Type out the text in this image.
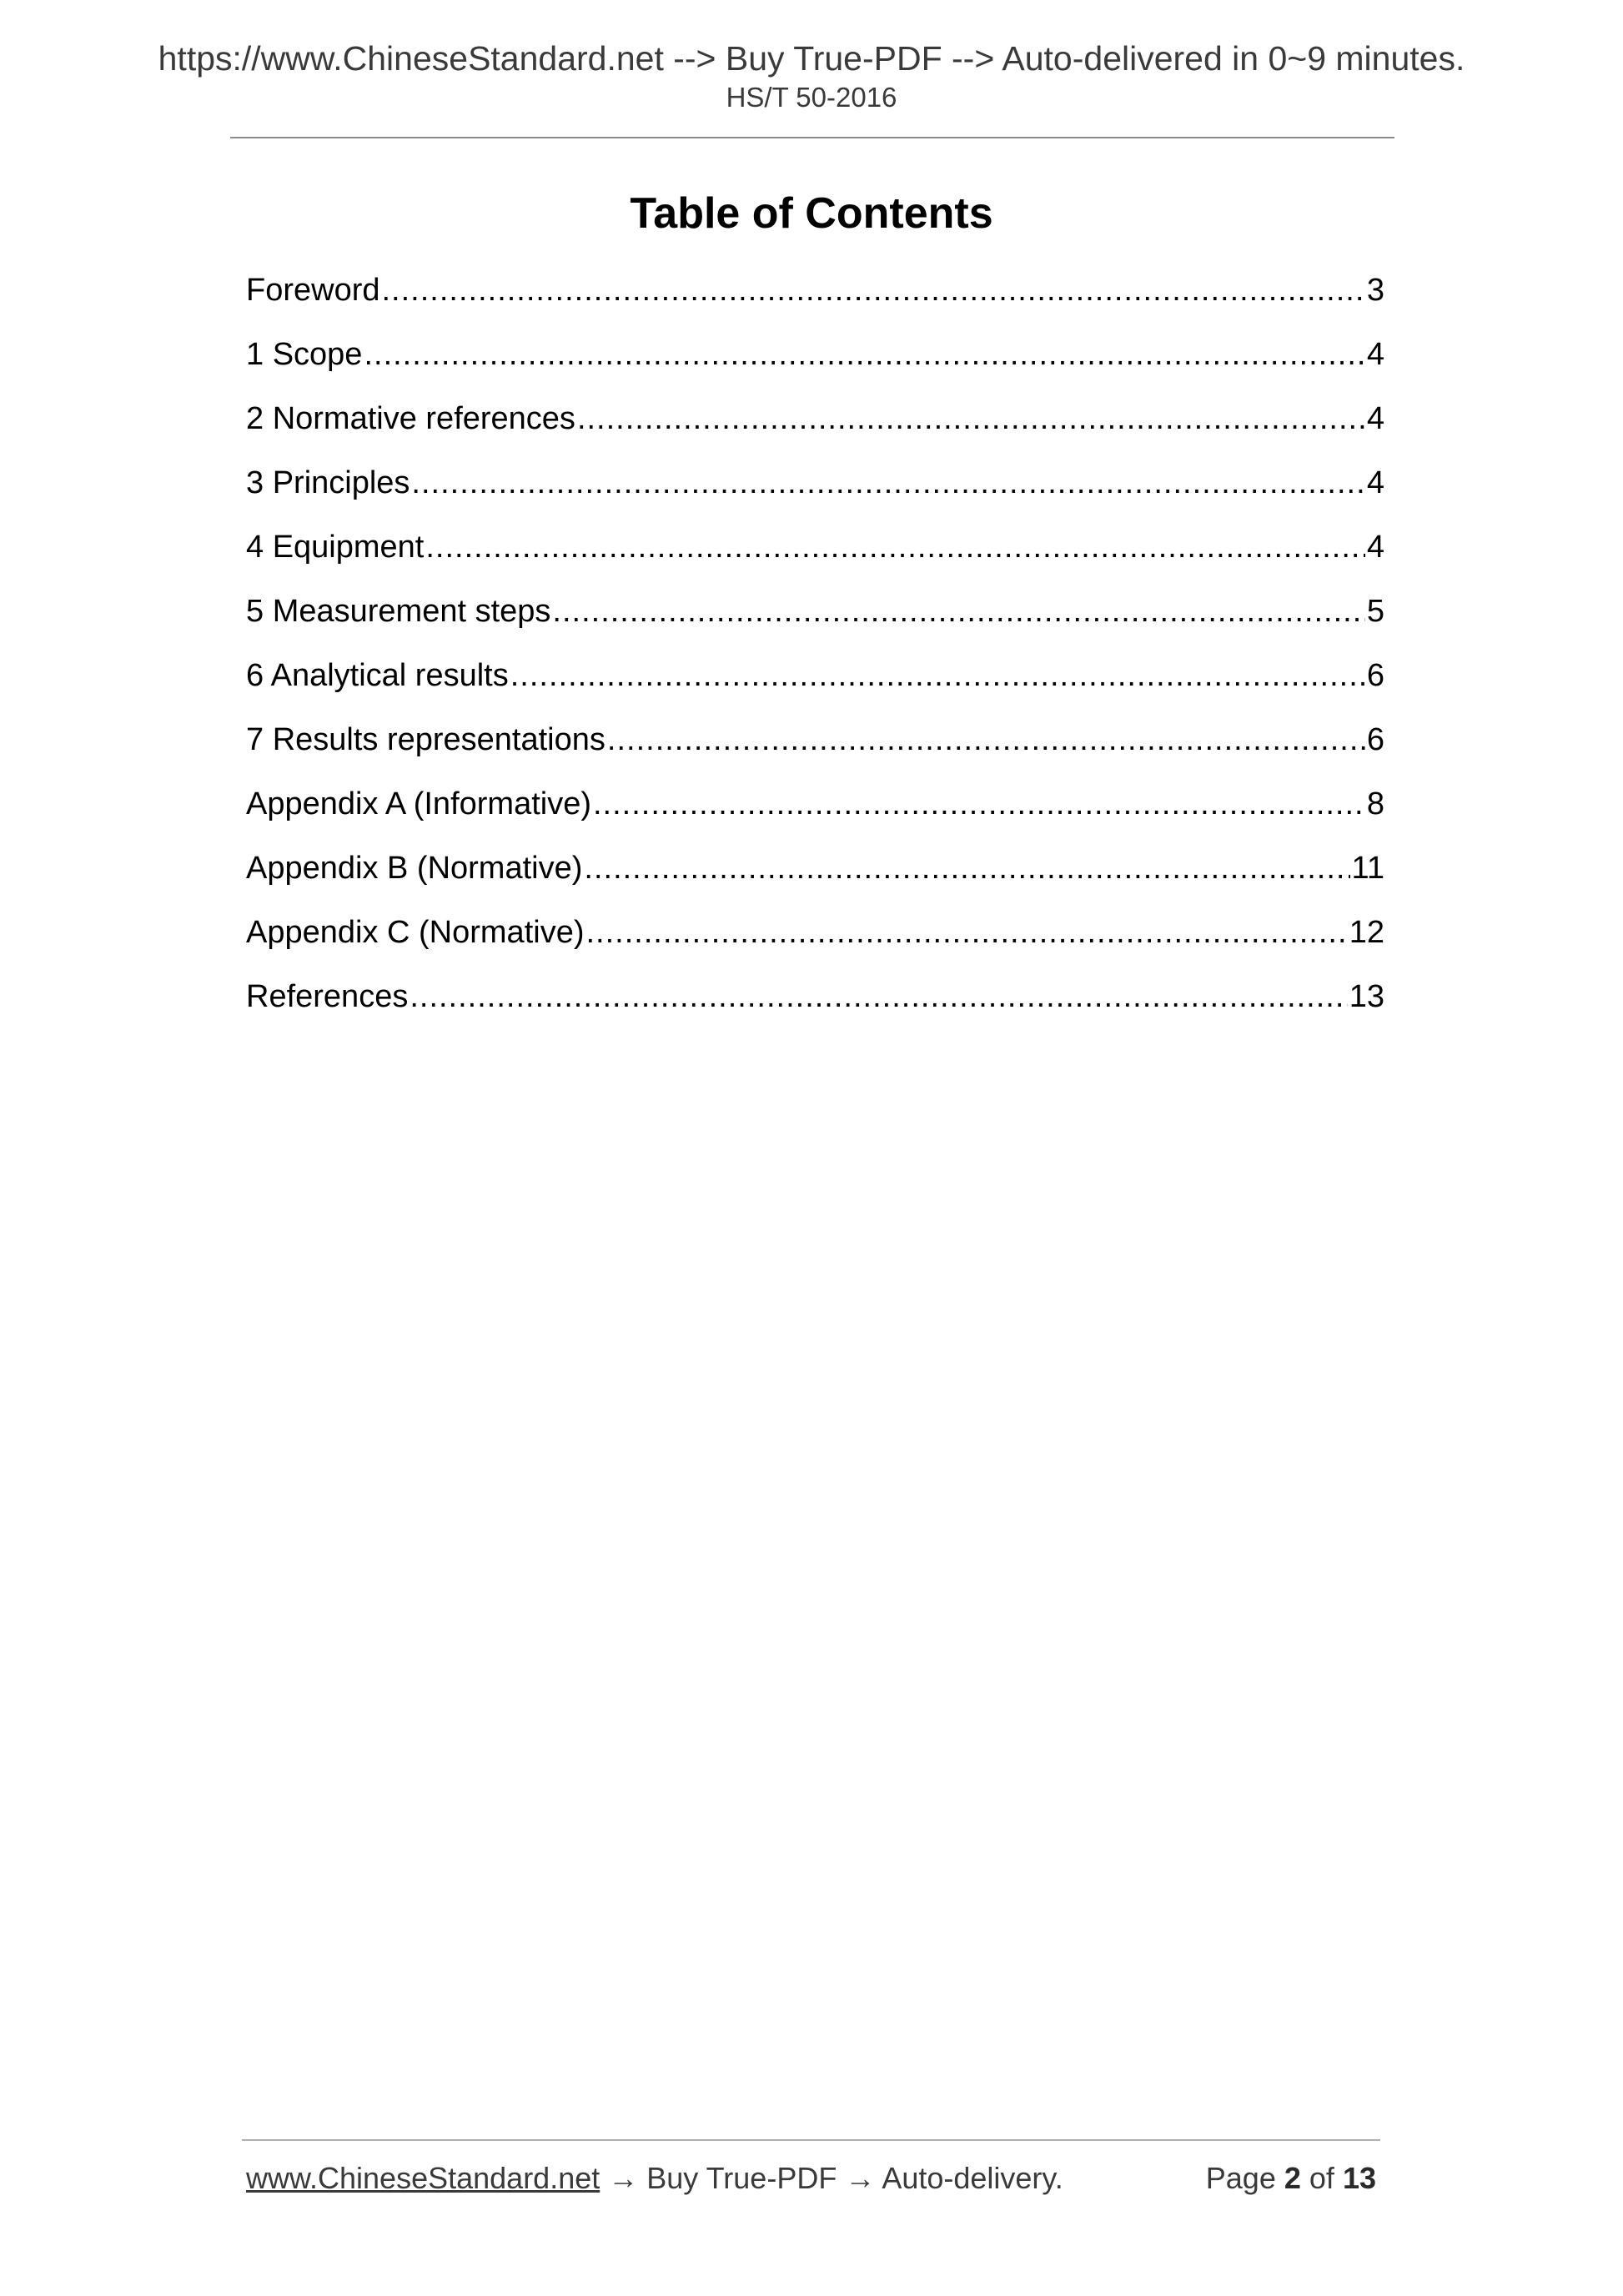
https://www.ChineseStandard.net --> Buy True-PDF --> Auto-delivered in 0~9 minutes.
HS/T 50-2016
Table of Contents
Foreword .....	3
1 Scope .....	4
2 Normative references .....	4
3 Principles .....	4
4 Equipment .....	4
5 Measurement steps .....	5
6 Analytical results .....	6
7 Results representations .....	6
Appendix A (Informative) .....	8
Appendix B (Normative) .....	11
Appendix C (Normative) .....	12
References .....	13
www.ChineseStandard.net → Buy True-PDF → Auto-delivery.	Page 2 of 13
